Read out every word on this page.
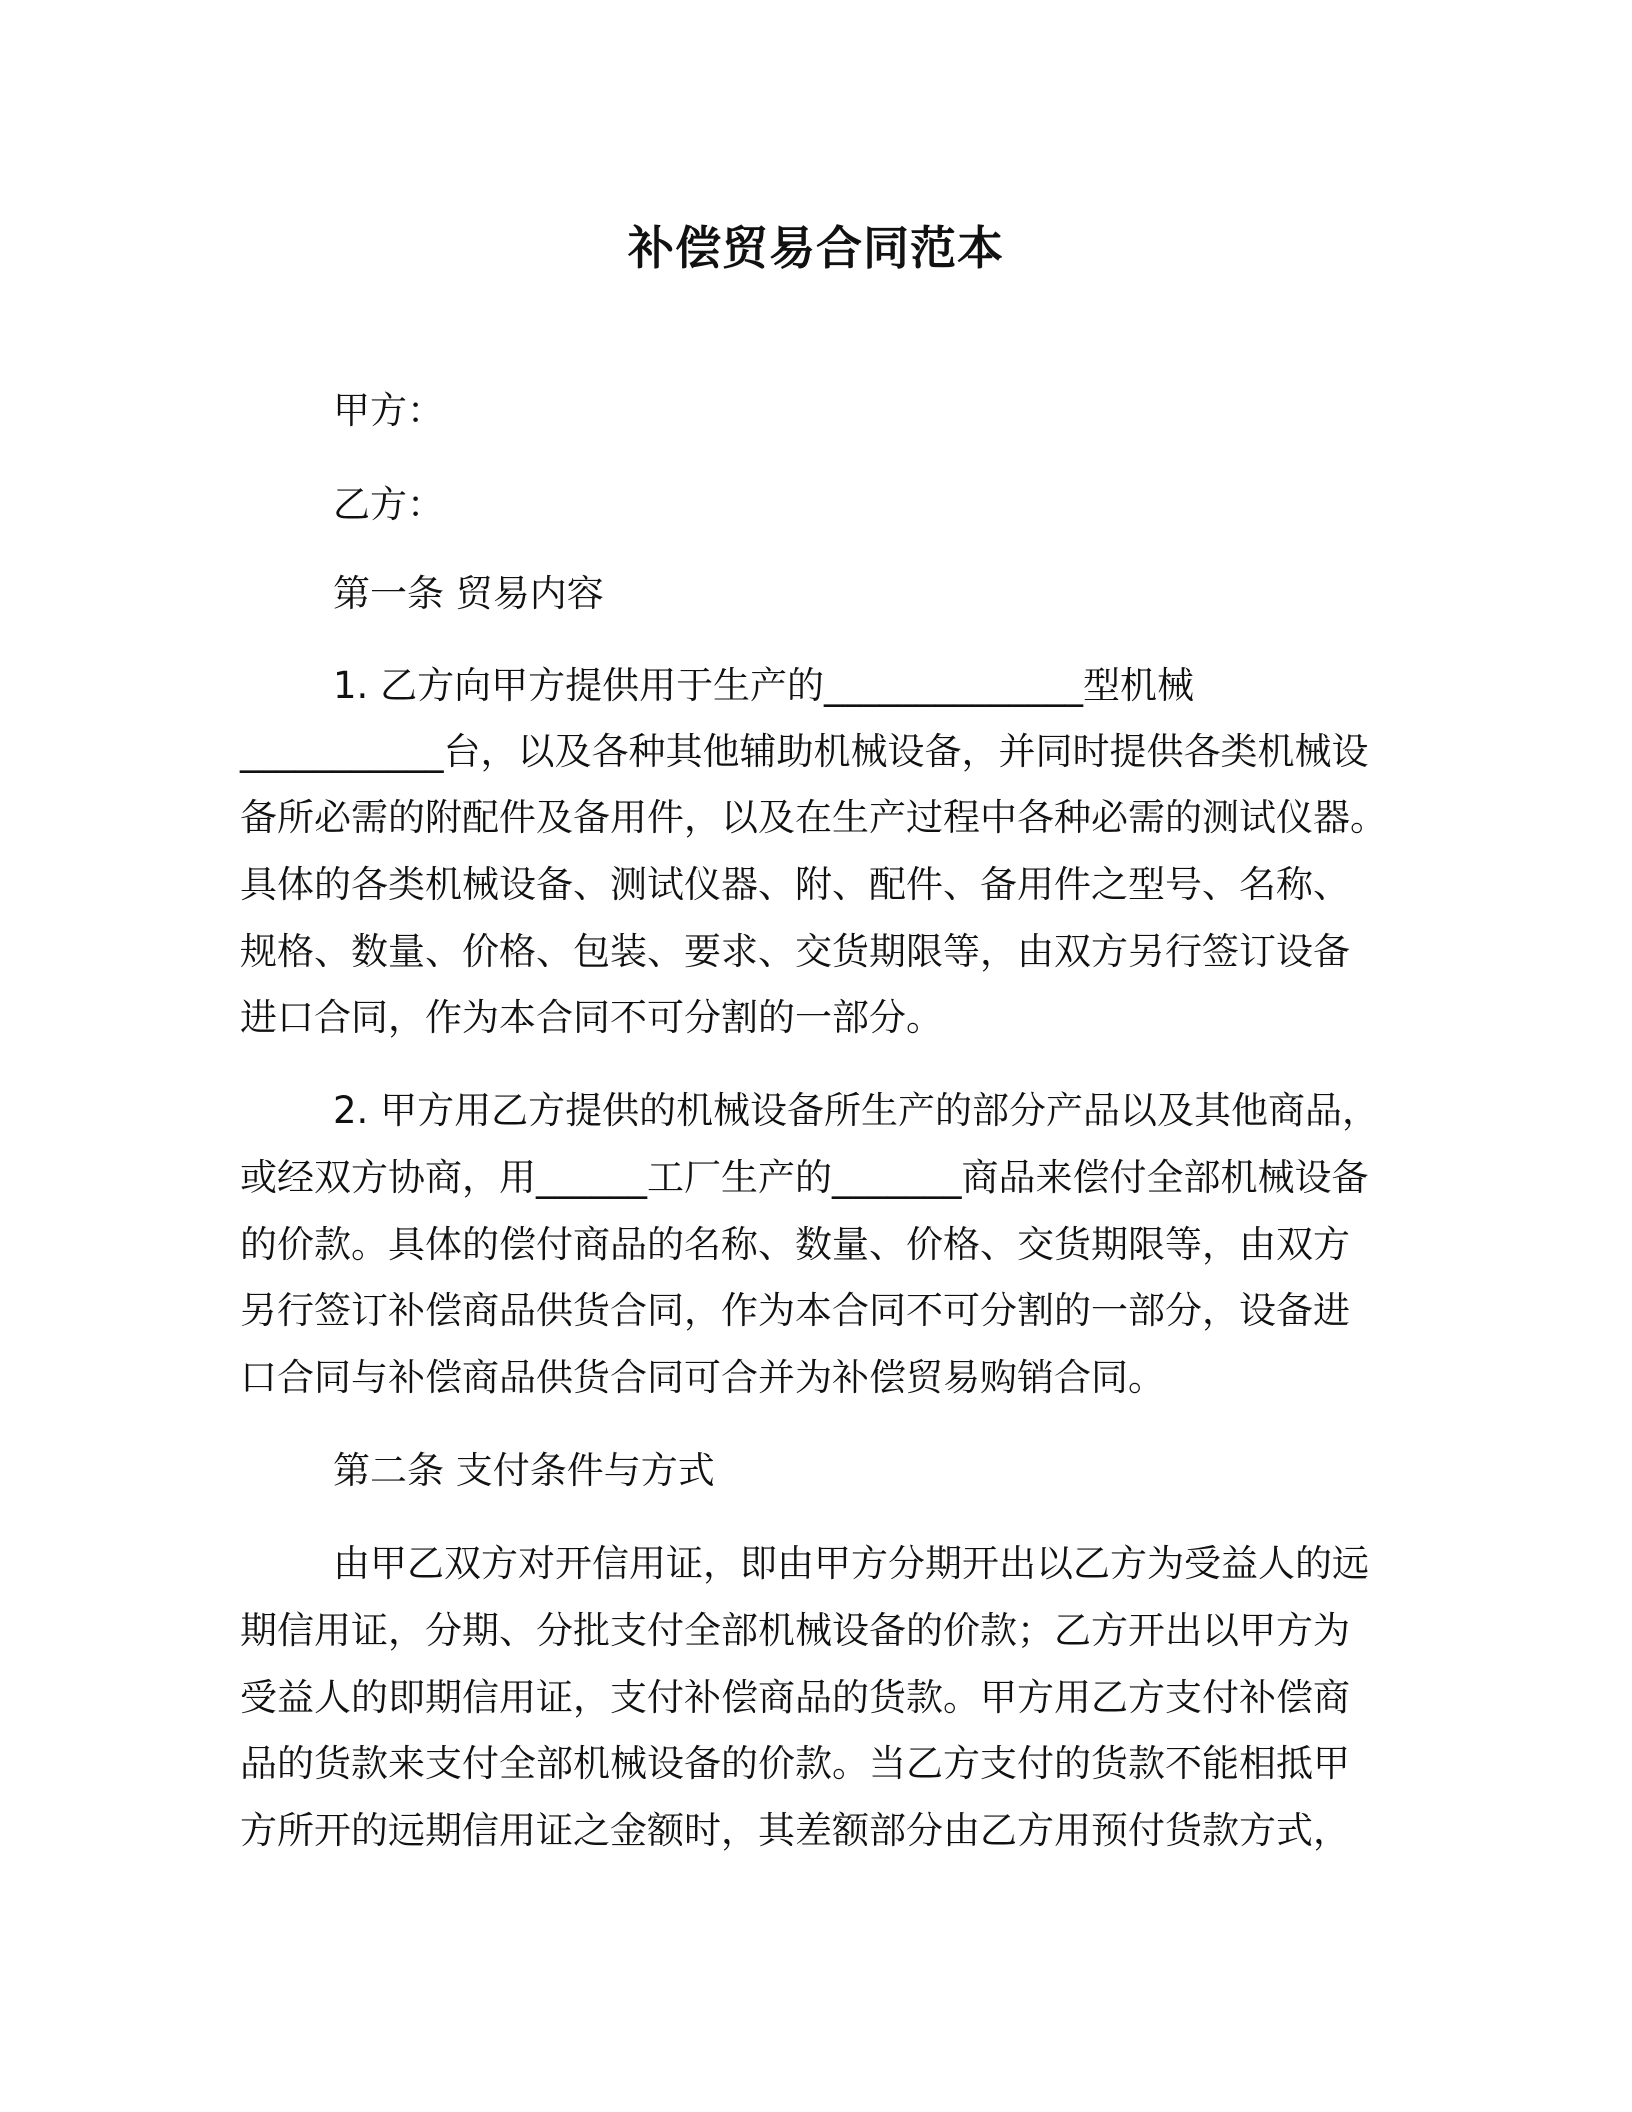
补偿贸易合同范本
甲方：
乙方：
第一条 贸易内容
1. 乙方向甲方提供用于生产的______________型机械
___________台，以及各种其他辅助机械设备，并同时提供各类机械设
备所必需的附配件及备用件，以及在生产过程中各种必需的测试仪器。
具体的各类机械设备、测试仪器、附、配件、备用件之型号、名称、
规格、数量、价格、包装、要求、交货期限等，由双方另行签订设备
进口合同，作为本合同不可分割的一部分。
2. 甲方用乙方提供的机械设备所生产的部分产品以及其他商品，
或经双方协商，用______工厂生产的_______商品来偿付全部机械设备
的价款。具体的偿付商品的名称、数量、价格、交货期限等，由双方
另行签订补偿商品供货合同，作为本合同不可分割的一部分，设备进
口合同与补偿商品供货合同可合并为补偿贸易购销合同。
第二条 支付条件与方式
由甲乙双方对开信用证，即由甲方分期开出以乙方为受益人的远
期信用证，分期、分批支付全部机械设备的价款；乙方开出以甲方为
受益人的即期信用证，支付补偿商品的货款。甲方用乙方支付补偿商
品的货款来支付全部机械设备的价款。当乙方支付的货款不能相抵甲
方所开的远期信用证之金额时，其差额部分由乙方用预付货款方式，
